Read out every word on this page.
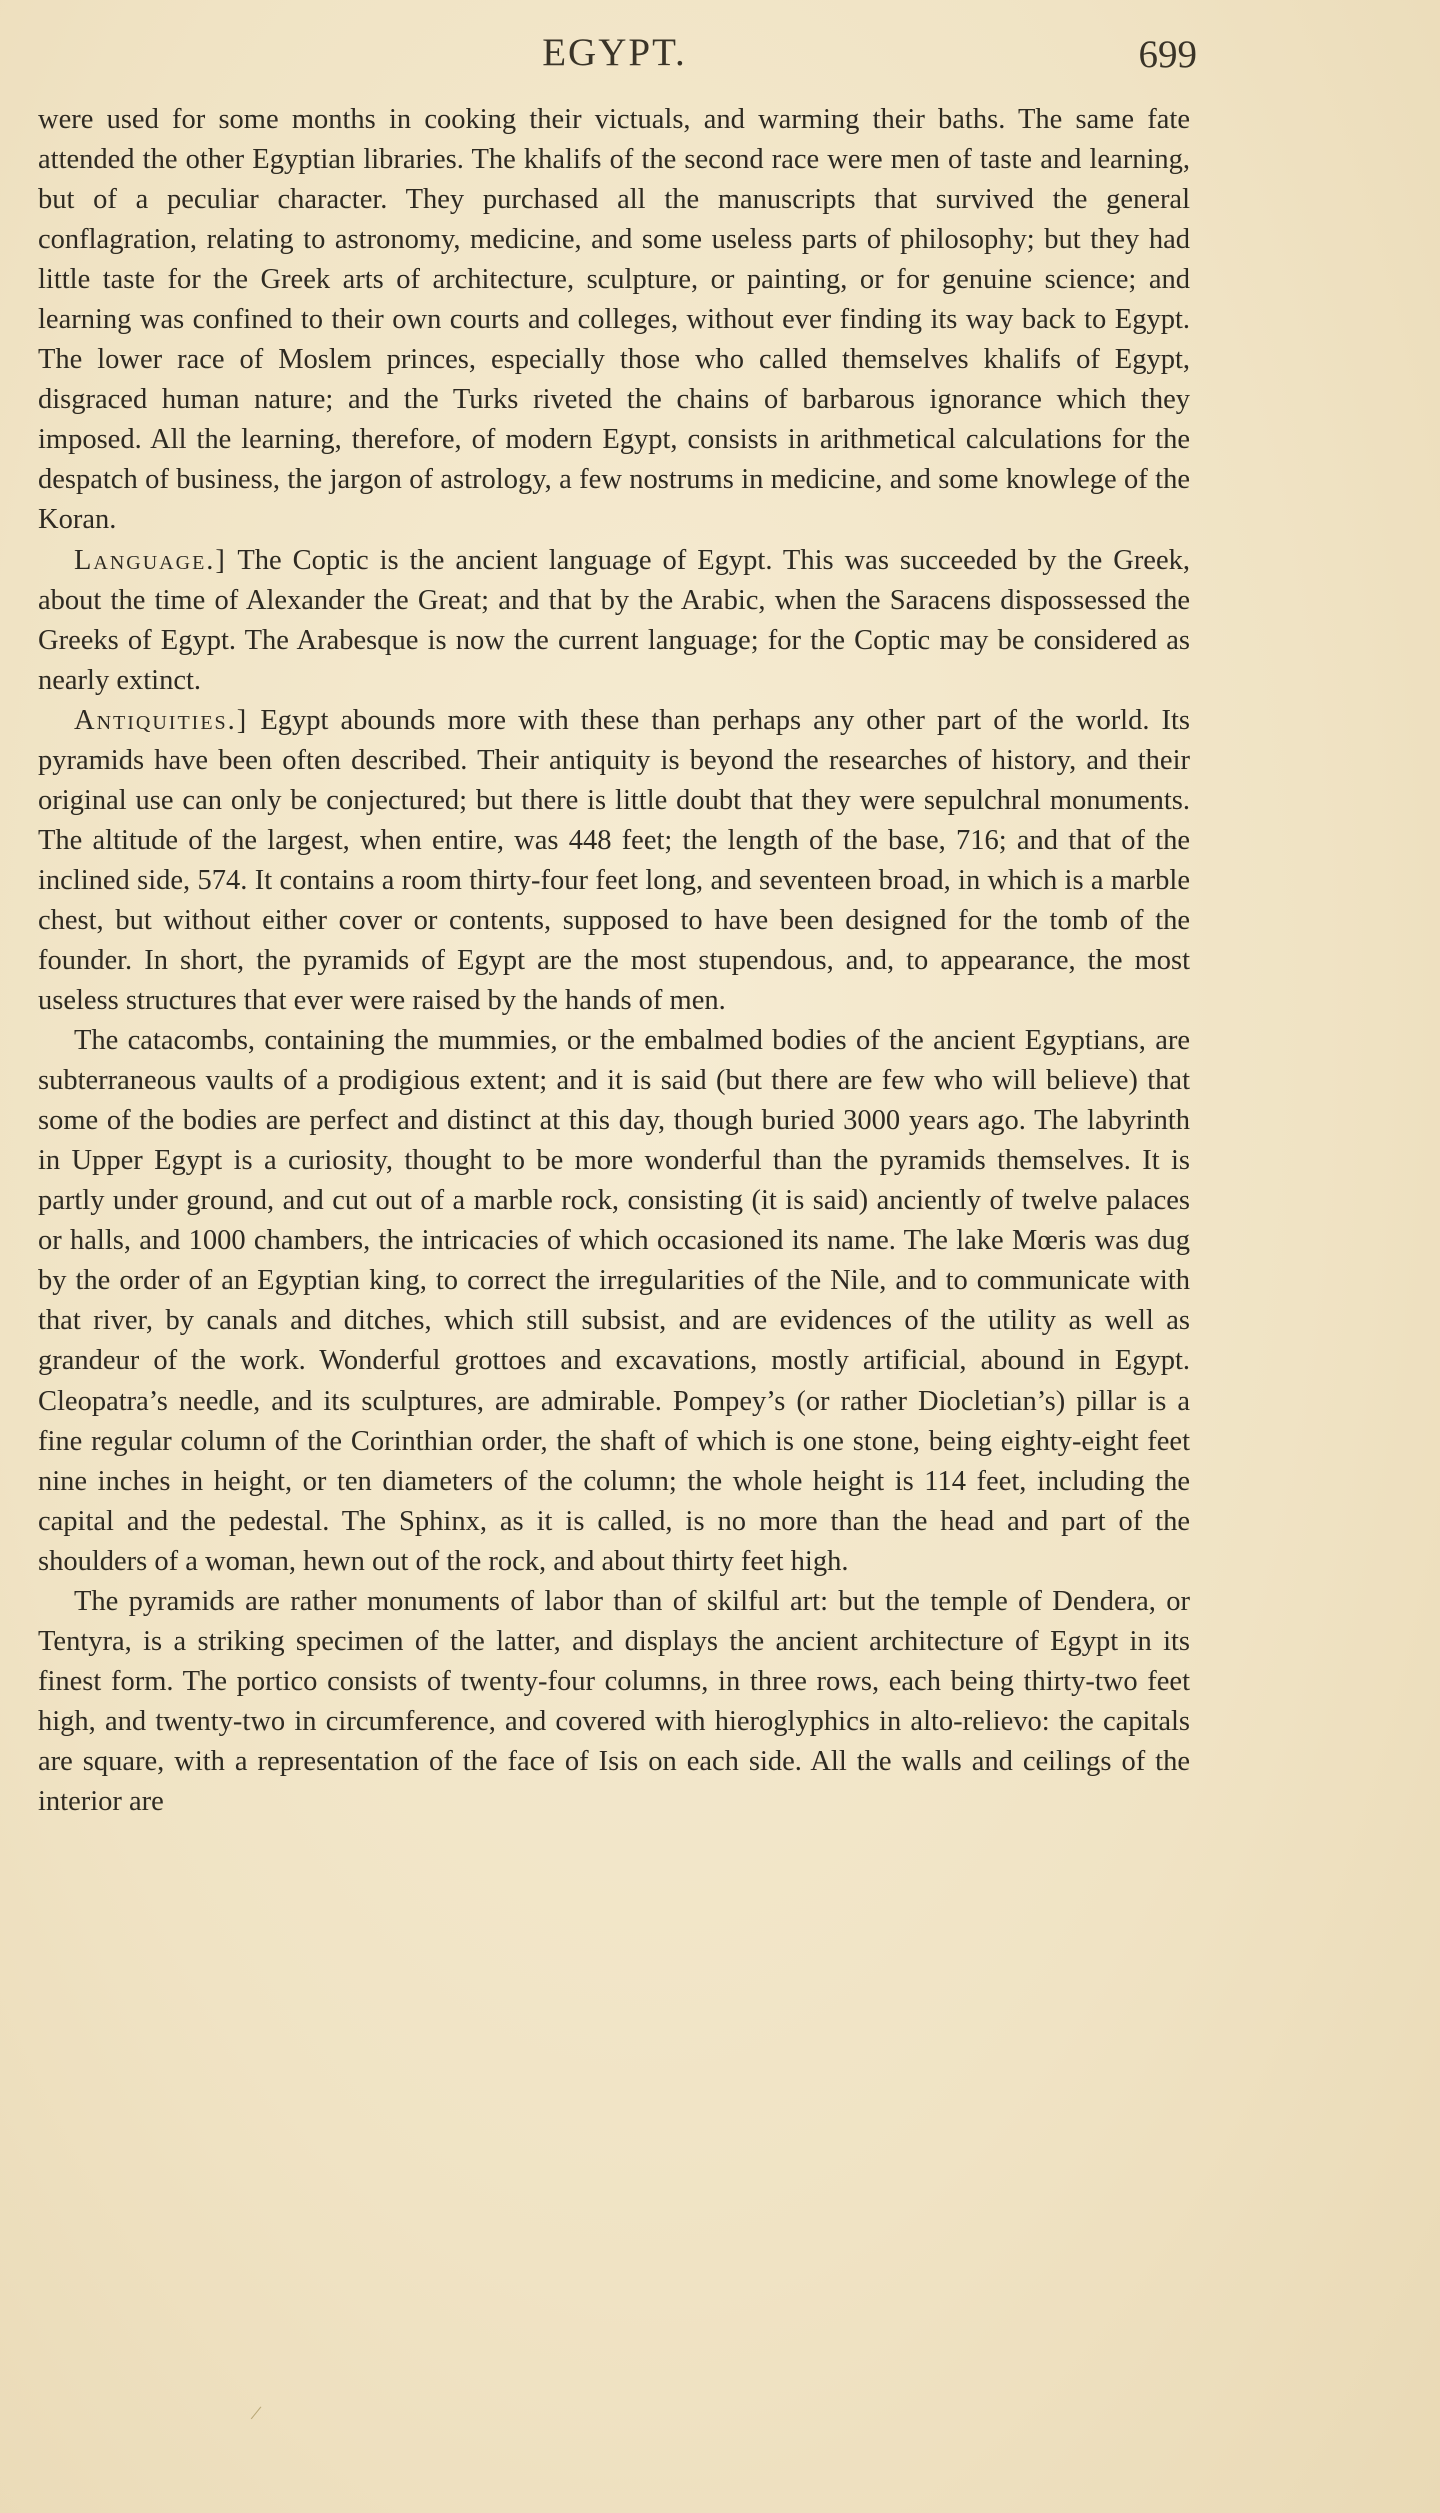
EGYPT.	699

were used for some months in cooking their victuals, and warming their baths. The same fate attended the other Egyptian libraries. The khalifs of the second race were men of taste and learning, but of a peculiar character. They purchased all the manuscripts that survived the general conflagration, relating to astronomy, medicine, and some useless parts of philosophy; but they had little taste for the Greek arts of architecture, sculpture, or painting, or for genuine science; and learning was confined to their own courts and colleges, without ever finding its way back to Egypt. The lower race of Moslem princes, especially those who called themselves khalifs of Egypt, disgraced human nature; and the Turks riveted the chains of barbarous ignorance which they imposed. All the learning, therefore, of modern Egypt, consists in arithmetical calculations for the despatch of business, the jargon of astrology, a few nostrums in medicine, and some knowlege of the Koran.

Language.] The Coptic is the ancient language of Egypt. This was succeeded by the Greek, about the time of Alexander the Great; and that by the Arabic, when the Saracens dispossessed the Greeks of Egypt. The Arabesque is now the current language; for the Coptic may be considered as nearly extinct.

Antiquities.] Egypt abounds more with these than perhaps any other part of the world. Its pyramids have been often described. Their antiquity is beyond the researches of history, and their original use can only be conjectured; but there is little doubt that they were sepulchral monuments. The altitude of the largest, when entire, was 448 feet; the length of the base, 716; and that of the inclined side, 574. It contains a room thirty-four feet long, and seventeen broad, in which is a marble chest, but without either cover or contents, supposed to have been designed for the tomb of the founder. In short, the pyramids of Egypt are the most stupendous, and, to appearance, the most useless structures that ever were raised by the hands of men.

The catacombs, containing the mummies, or the embalmed bodies of the ancient Egyptians, are subterraneous vaults of a prodigious extent; and it is said (but there are few who will believe) that some of the bodies are perfect and distinct at this day, though buried 3000 years ago. The labyrinth in Upper Egypt is a curiosity, thought to be more wonderful than the pyramids themselves. It is partly under ground, and cut out of a marble rock, consisting (it is said) anciently of twelve palaces or halls, and 1000 chambers, the intricacies of which occasioned its name. The lake Mœris was dug by the order of an Egyptian king, to correct the irregularities of the Nile, and to communicate with that river, by canals and ditches, which still subsist, and are evidences of the utility as well as grandeur of the work. Wonderful grottoes and excavations, mostly artificial, abound in Egypt. Cleopatra’s needle, and its sculptures, are admirable. Pompey’s (or rather Diocletian’s) pillar is a fine regular column of the Corinthian order, the shaft of which is one stone, being eighty-eight feet nine inches in height, or ten diameters of the column; the whole height is 114 feet, including the capital and the pedestal. The Sphinx, as it is called, is no more than the head and part of the shoulders of a woman, hewn out of the rock, and about thirty feet high.

The pyramids are rather monuments of labor than of skilful art: but the temple of Dendera, or Tentyra, is a striking specimen of the latter, and displays the ancient architecture of Egypt in its finest form. The portico consists of twenty-four columns, in three rows, each being thirty-two feet high, and twenty-two in circumference, and covered with hieroglyphics in alto-relievo: the capitals are square, with a representation of the face of Isis on each side. All the walls and ceilings of the interior are

/
